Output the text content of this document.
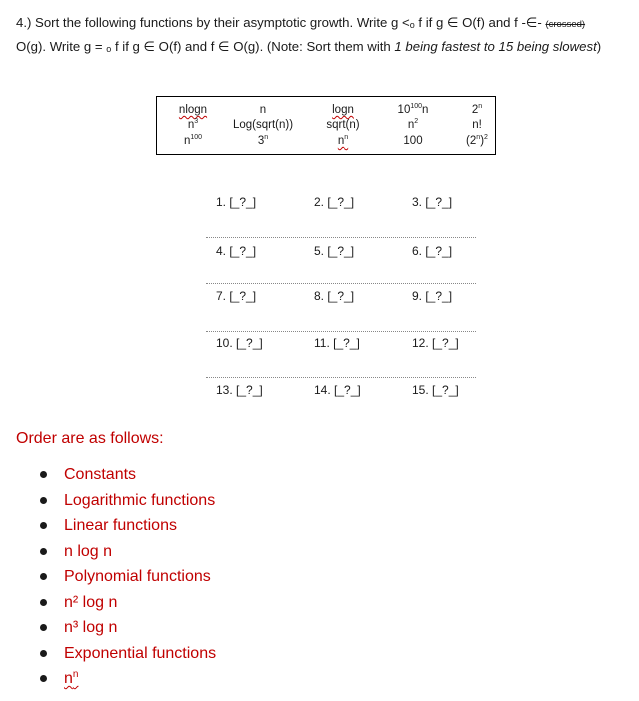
4.) Sort the following functions by their asymptotic growth. Write $g <_o$ f if g ∈ O(f) and f -∈- (crossed)
O(g). Write g = $_o$ f if g ∈ O(f) and f ∈ O(g). (Note: Sort them with 1 being fastest to 15 being slowest)
nlogn	n	logn	$10^{100}n$	2$^n$
$n^3$	Log(sqrt(n))	sqrt(n)	$n^2$	n!
$n^{100}$	3$^n$	$n^n$	100	$(2^n)^2$
1. [_?_]	2. [_?_]	3. [_?_]
4. [_?_]	5. [_?_]	6. [_?_]
7. [_?_]	8. [_?_]	9. [_?_]
10. [_?_]	11. [_?_]	12. [_?_]
13. [_?_]	14. [_?_]	15. [_?_]
Order are as follows:
Constants
Logarithmic functions
Linear functions
n log n
Polynomial functions
n² log n
n³ log n
Exponential functions
$n^n$
